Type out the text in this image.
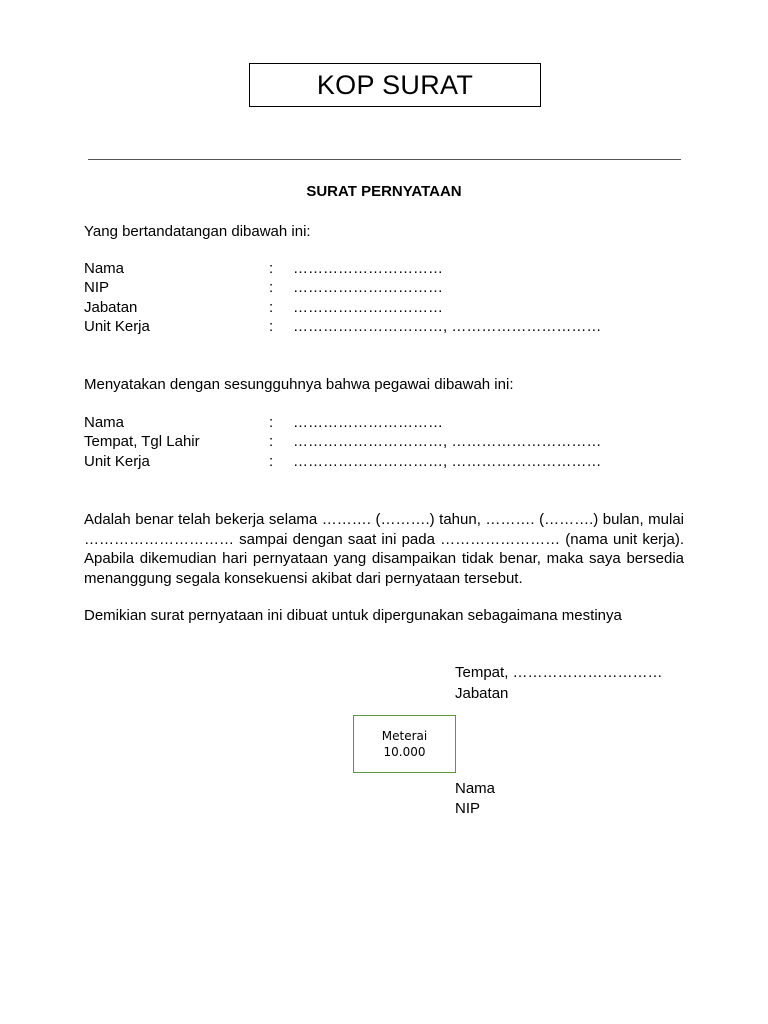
KOP SURAT
SURAT PERNYATAAN
Yang bertandatangan dibawah ini:
Nama	: …………………………
NIP	: …………………………
Jabatan	: …………………………
Unit Kerja	: …………………………, …………………………
Menyatakan dengan sesungguhnya bahwa pegawai dibawah ini:
Nama	: …………………………
Tempat, Tgl Lahir	: …………………………, …………………………
Unit Kerja	: …………………………, …………………………
Adalah benar telah bekerja selama ………. (……….) tahun, ………. (……….) bulan, mulai ………………………… sampai dengan saat ini pada …………………… (nama unit kerja). Apabila dikemudian hari pernyataan yang disampaikan tidak benar, maka saya bersedia menanggung segala konsekuensi akibat dari pernyataan tersebut.
Demikian surat pernyataan ini dibuat untuk dipergunakan sebagaimana mestinya
Tempat, …………………………
Jabatan
Meterai
10.000
Nama
NIP
